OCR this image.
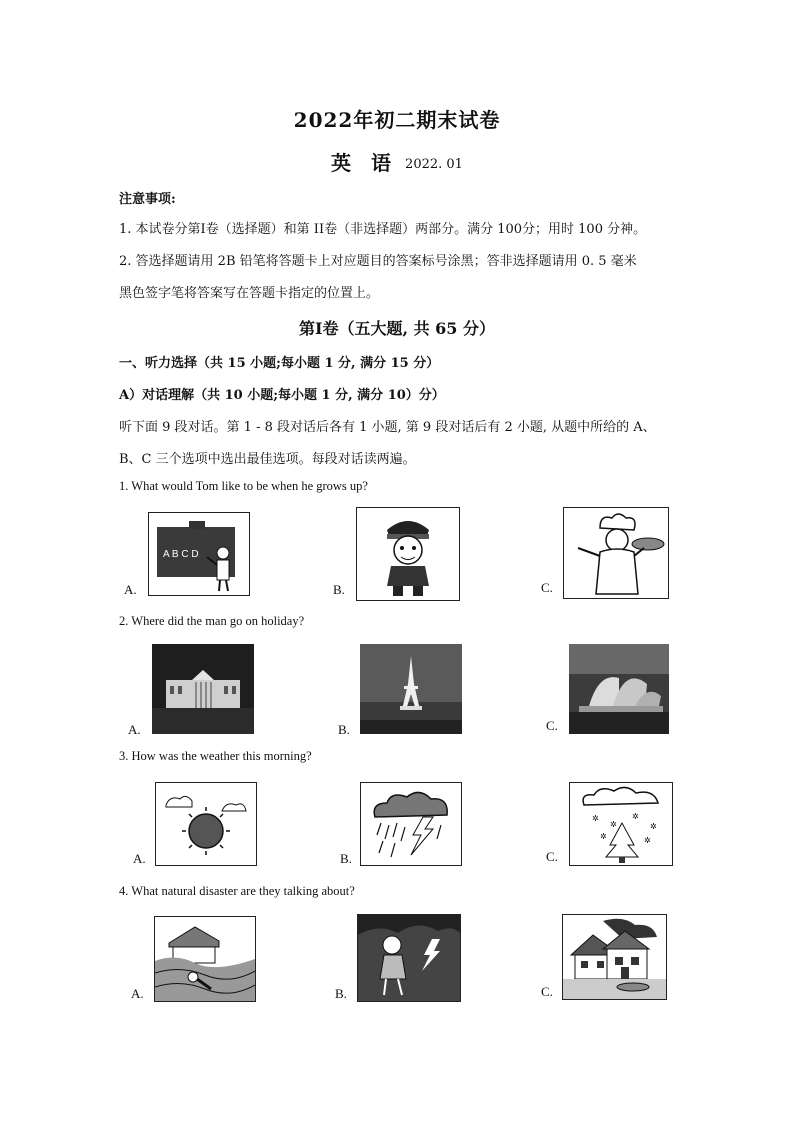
2022年初二期末试卷
英　语 2022. 01
注意事项:
1. 本试卷分第Ⅰ卷（选择题）和第 II卷（非选择题）两部分。满分 100分；用时 100 分神。
2. 答选择题请用 2B 铅笔将答题卡上对应题目的答案标号涂黑；答非选择题请用 0. 5 毫米
黑色签字笔将答案写在答题卡指定的位置上。
第Ⅰ卷（五大题, 共 65 分）
一、听力选择（共 15 小题;每小题 1 分, 满分 15 分）
A）对话理解（共 10 小题;每小题 1 分, 满分 10）分）
听下面 9 段对话。第 1 - 8 段对话后各有 1 小题, 第 9 段对话后有 2 小题, 从题中所给的 A、
B、C 三个选项中选出最佳选项。每段对话读两遍。
1. What would Tom like to be when he grows up?
A.
A B C D
B.	C.
2. Where did the man go on holiday?
A.	B.	C.
3. How was the weather this morning?
A.	B.	C.
✲
✲
✲
✲
✲	✲
4. What natural disaster are they talking about?
A.	B.	C.
